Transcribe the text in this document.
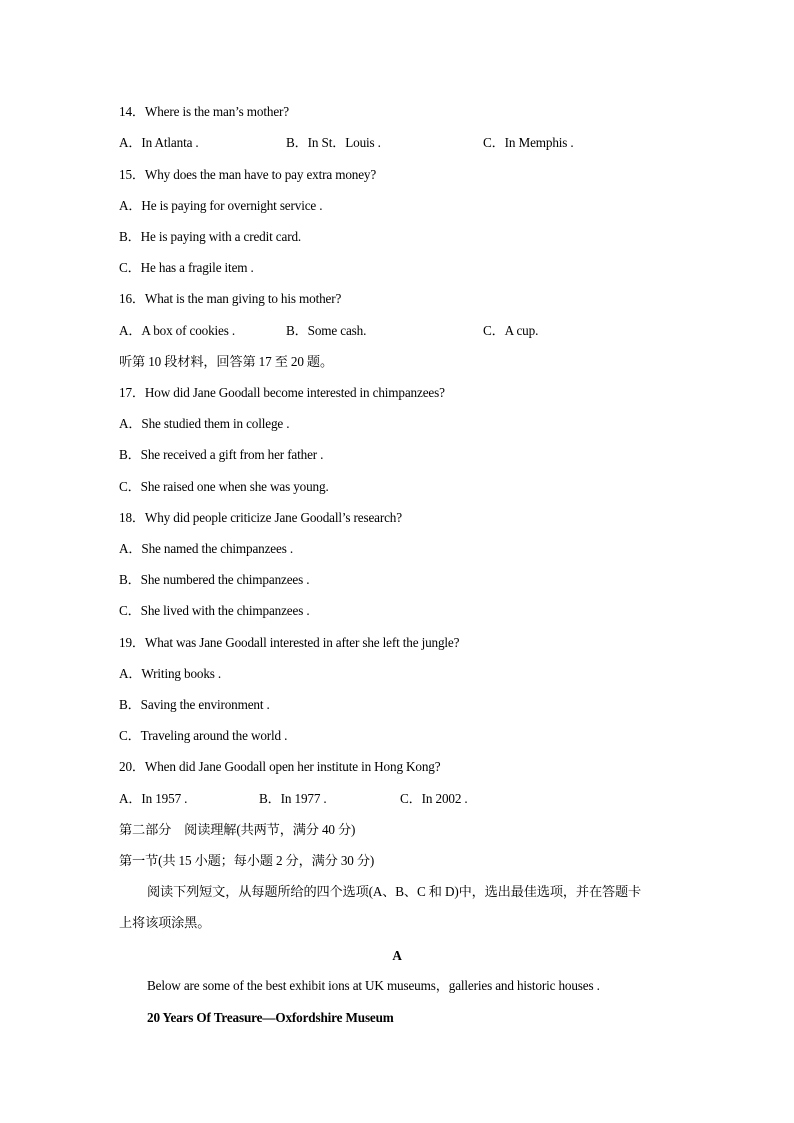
14．Where is the man’s mother?
A．In Atlanta .	B．In St．Louis .	C．In Memphis .
15．Why does the man have to pay extra money?
A．He is paying for overnight service .
B．He is paying with a credit card.
C．He has a fragile item .
16．What is the man giving to his mother?
A．A box of cookies .	B．Some cash.	C．A cup.
听第 10 段材料，回答第 17 至 20 题。
17．How did Jane Goodall become interested in chimpanzees?
A．She studied them in college .
B．She received a gift from her father .
C．She raised one when she was young.
18．Why did people criticize Jane Goodall’s research?
A．She named the chimpanzees .
B．She numbered the chimpanzees .
C．She lived with the chimpanzees .
19．What was Jane Goodall interested in after she left the jungle?
A．Writing books .
B．Saving the environment .
C．Traveling around the world .
20．When did Jane Goodall open her institute in Hong Kong?
A．In 1957 .	B．In 1977 .	C．In 2002 .
第二部分　阅读理解(共两节，满分 40 分)
第一节(共 15 小题；每小题 2 分，满分 30 分)
阅读下列短文，从每题所给的四个选项(A、B、C 和 D)中，选出最佳选项，并在答题卡
上将该项涂黑。
A
Below are some of the best exhibit ions at UK museums，galleries and historic houses .
20 Years Of Treasure—Oxfordshire Museum
